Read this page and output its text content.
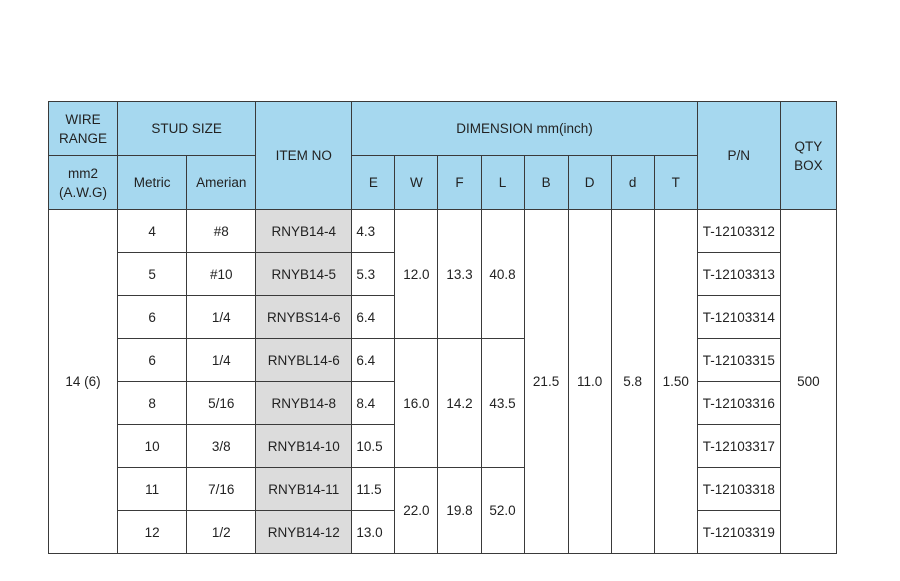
WIRE RANGE	STUD SIZE		ITEM NO	DIMENSION mm(inch)								P/N	QTY BOX
mm2 (A.W.G)	Metric	Amerian		E	W	F	L	B	D	d	T		
14 (6)	4	#8	RNYB14-4	4.3	12.0	13.3	40.8	21.5	11.0	5.8	1.50	T-12103312	500
	5	#10	RNYB14-5	5.3								T-12103313	
	6	1/4	RNYBS14-6	6.4								T-12103314	
	6	1/4	RNYBL14-6	6.4	16.0	14.2	43.5					T-12103315	
	8	5/16	RNYB14-8	8.4								T-12103316	
	10	3/8	RNYB14-10	10.5								T-12103317	
	11	7/16	RNYB14-11	11.5	22.0	19.8	52.0					T-12103318	
	12	1/2	RNYB14-12	13.0								T-12103319	
